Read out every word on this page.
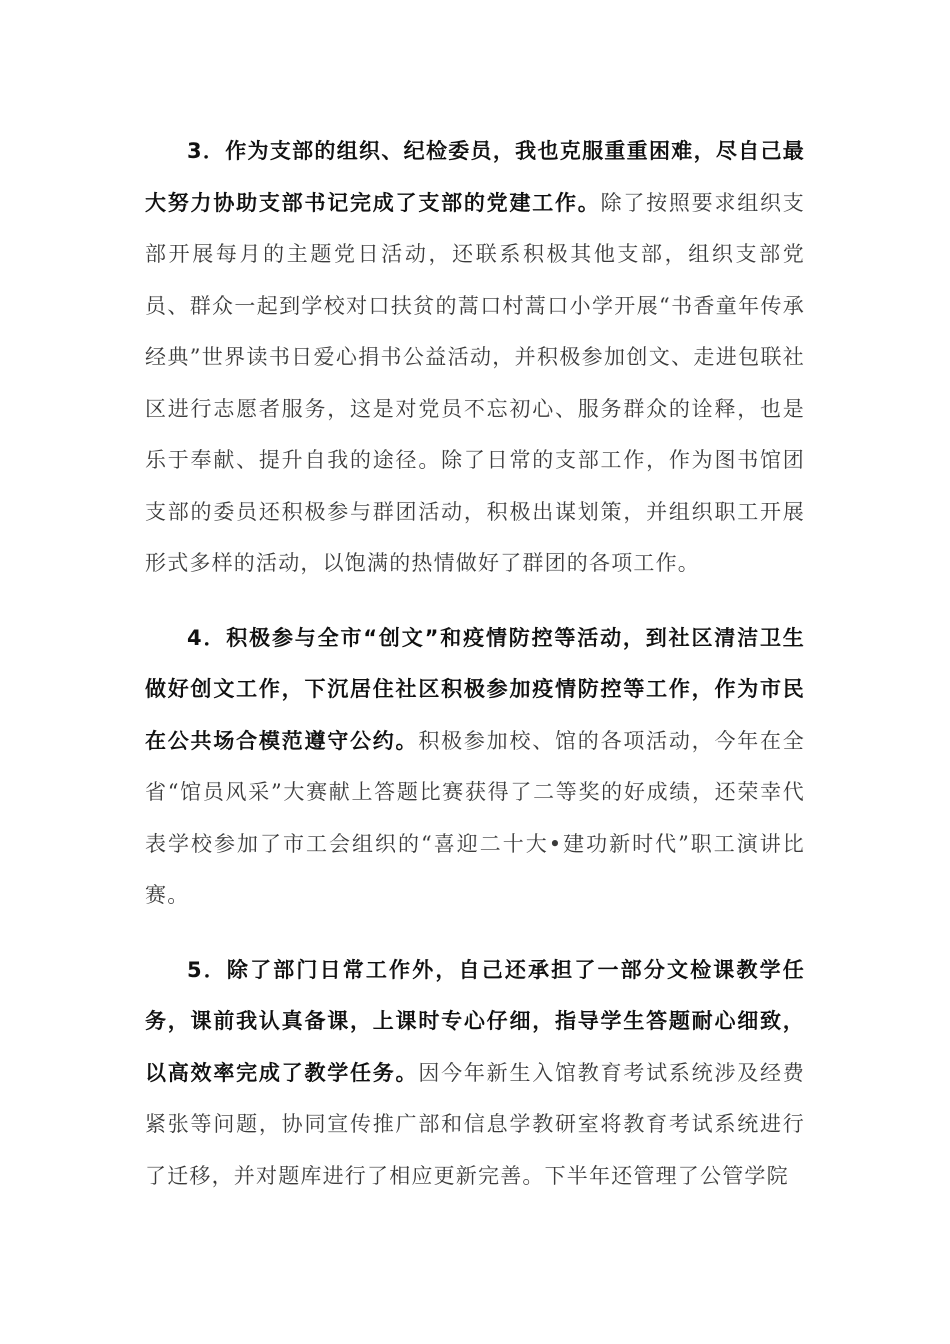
3．作为支部的组织、纪检委员，我也克服重重困难，尽自己最大努力协助支部书记完成了支部的党建工作。除了按照要求组织支部开展每月的主题党日活动，还联系积极其他支部，组织支部党员、群众一起到学校对口扶贫的蒿口村蒿口小学开展“书香童年传承经典”世界读书日爱心捐书公益活动，并积极参加创文、走进包联社区进行志愿者服务，这是对党员不忘初心、服务群众的诠释，也是乐于奉献、提升自我的途径。除了日常的支部工作，作为图书馆团支部的委员还积极参与群团活动，积极出谋划策，并组织职工开展形式多样的活动，以饱满的热情做好了群团的各项工作。

4．积极参与全市“创文”和疫情防控等活动，到社区清洁卫生做好创文工作，下沉居住社区积极参加疫情防控等工作，作为市民在公共场合模范遵守公约。积极参加校、馆的各项活动，今年在全省“馆员风采”大赛献上答题比赛获得了二等奖的好成绩，还荣幸代表学校参加了市工会组织的“喜迎二十大•建功新时代”职工演讲比赛。

5．除了部门日常工作外，自己还承担了一部分文检课教学任务，课前我认真备课，上课时专心仔细，指导学生答题耐心细致，以高效率完成了教学任务。因今年新生入馆教育考试系统涉及经费紧张等问题，协同宣传推广部和信息学教研室将教育考试系统进行了迁移，并对题库进行了相应更新完善。下半年还管理了公管学院
